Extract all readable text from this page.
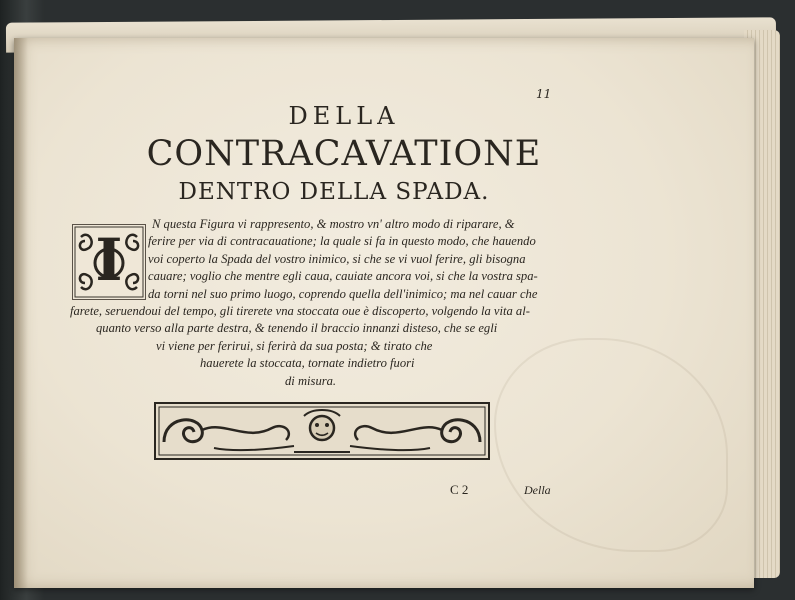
11

DELLA
CONTRACAVATIONE
DENTRO DELLA SPADA.
I

N questa Figura vi rappresento, & mostro vn' altro modo di riparare, &

ferire per via di contracauatione; la quale si fa in questo modo, che hauendo

voi coperto la Spada del vostro inimico, si che se vi vuol ferire, gli bisogna

cauare; voglio che mentre egli caua, cauiate ancora voi, si che la vostra spa-

da torni nel suo primo luogo, coprendo quella dell'inimico; ma nel cauar che

farete, seruendoui del tempo, gli tirerete vna stoccata oue è discoperto, volgendo la vita al-

quanto verso alla parte destra, & tenendo il braccio innanzi disteso, che se egli

vi viene per ferirui, si ferirà da sua posta; & tirato che

hauerete la stoccata, tornate indietro fuori

di misura.

C 2	Della
